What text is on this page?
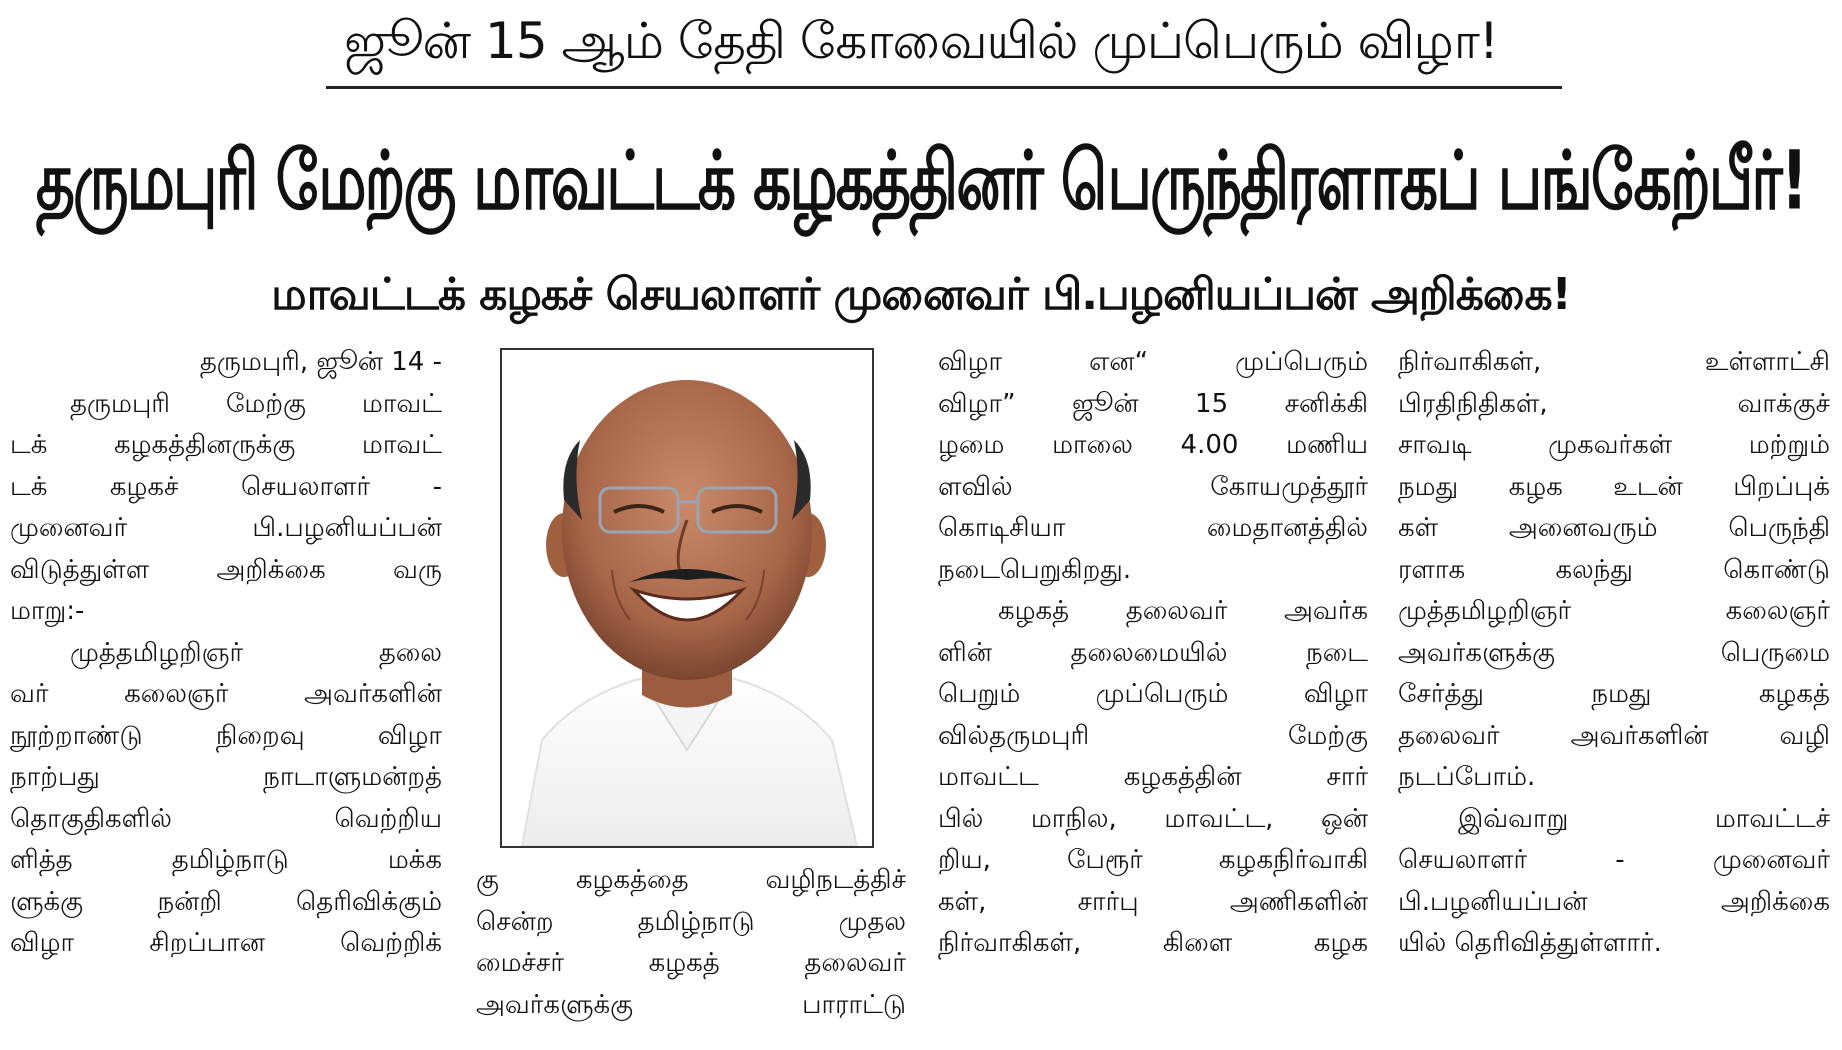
ஜூன் 15 ஆம் தேதி கோவையில் முப்பெரும் விழா!
தருமபுரி மேற்கு மாவட்டக் கழகத்தினர் பெருந்திரளாகப் பங்கேற்பீர்!
மாவட்டக் கழகச் செயலாளர் முனைவர் பி.பழனியப்பன் அறிக்கை!
தருமபுரி, ஜூன் 14 -
தருமபுரி மேற்கு மாவட்
டக் கழகத்தினருக்கு மாவட்
டக் கழகச் செயலாளர் -
முனைவர் பி.பழனியப்பன்
விடுத்துள்ள அறிக்கை வரு
மாறு:-
முத்தமிழறிஞர் தலை
வர் கலைஞர் அவர்களின்
நூற்றாண்டு நிறைவு விழா
நாற்பது நாடாளுமன்றத்
தொகுதிகளில் வெற்றிய
ளித்த தமிழ்நாடு மக்க
ளுக்கு நன்றி தெரிவிக்கும்
விழா சிறப்பான வெற்றிக்
கு கழகத்தை வழிநடத்திச்
சென்ற தமிழ்நாடு முதல
மைச்சர் கழகத் தலைவர்
அவர்களுக்கு பாராட்டு
விழா என“ முப்பெரும்
விழா” ஜூன் 15 சனிக்கி
ழமை மாலை 4.00 மணிய
ளவில் கோயமுத்தூர்
கொடிசியா மைதானத்தில்
நடைபெறுகிறது.
கழகத் தலைவர் அவர்க
ளின் தலைமையில் நடை
பெறும் முப்பெரும் விழா
வில்தருமபுரி மேற்கு
மாவட்ட கழகத்தின் சார்
பில் மாநில, மாவட்ட, ஒன்
றிய, பேரூர் கழகநிர்வாகி
கள், சார்பு அணிகளின்
நிர்வாகிகள், கிளை கழக
நிர்வாகிகள், உள்ளாட்சி
பிரதிநிதிகள், வாக்குச்
சாவடி முகவர்கள் மற்றும்
நமது கழக உடன் பிறப்புக்
கள் அனைவரும் பெருந்தி
ரளாக கலந்து கொண்டு
முத்தமிழறிஞர் கலைஞர்
அவர்களுக்கு பெருமை
சேர்த்து நமது கழகத்
தலைவர் அவர்களின் வழி
நடப்போம்.
இவ்வாறு மாவட்டச்
செயலாளர் - முனைவர்
பி.பழனியப்பன் அறிக்கை
யில் தெரிவித்துள்ளார்.
